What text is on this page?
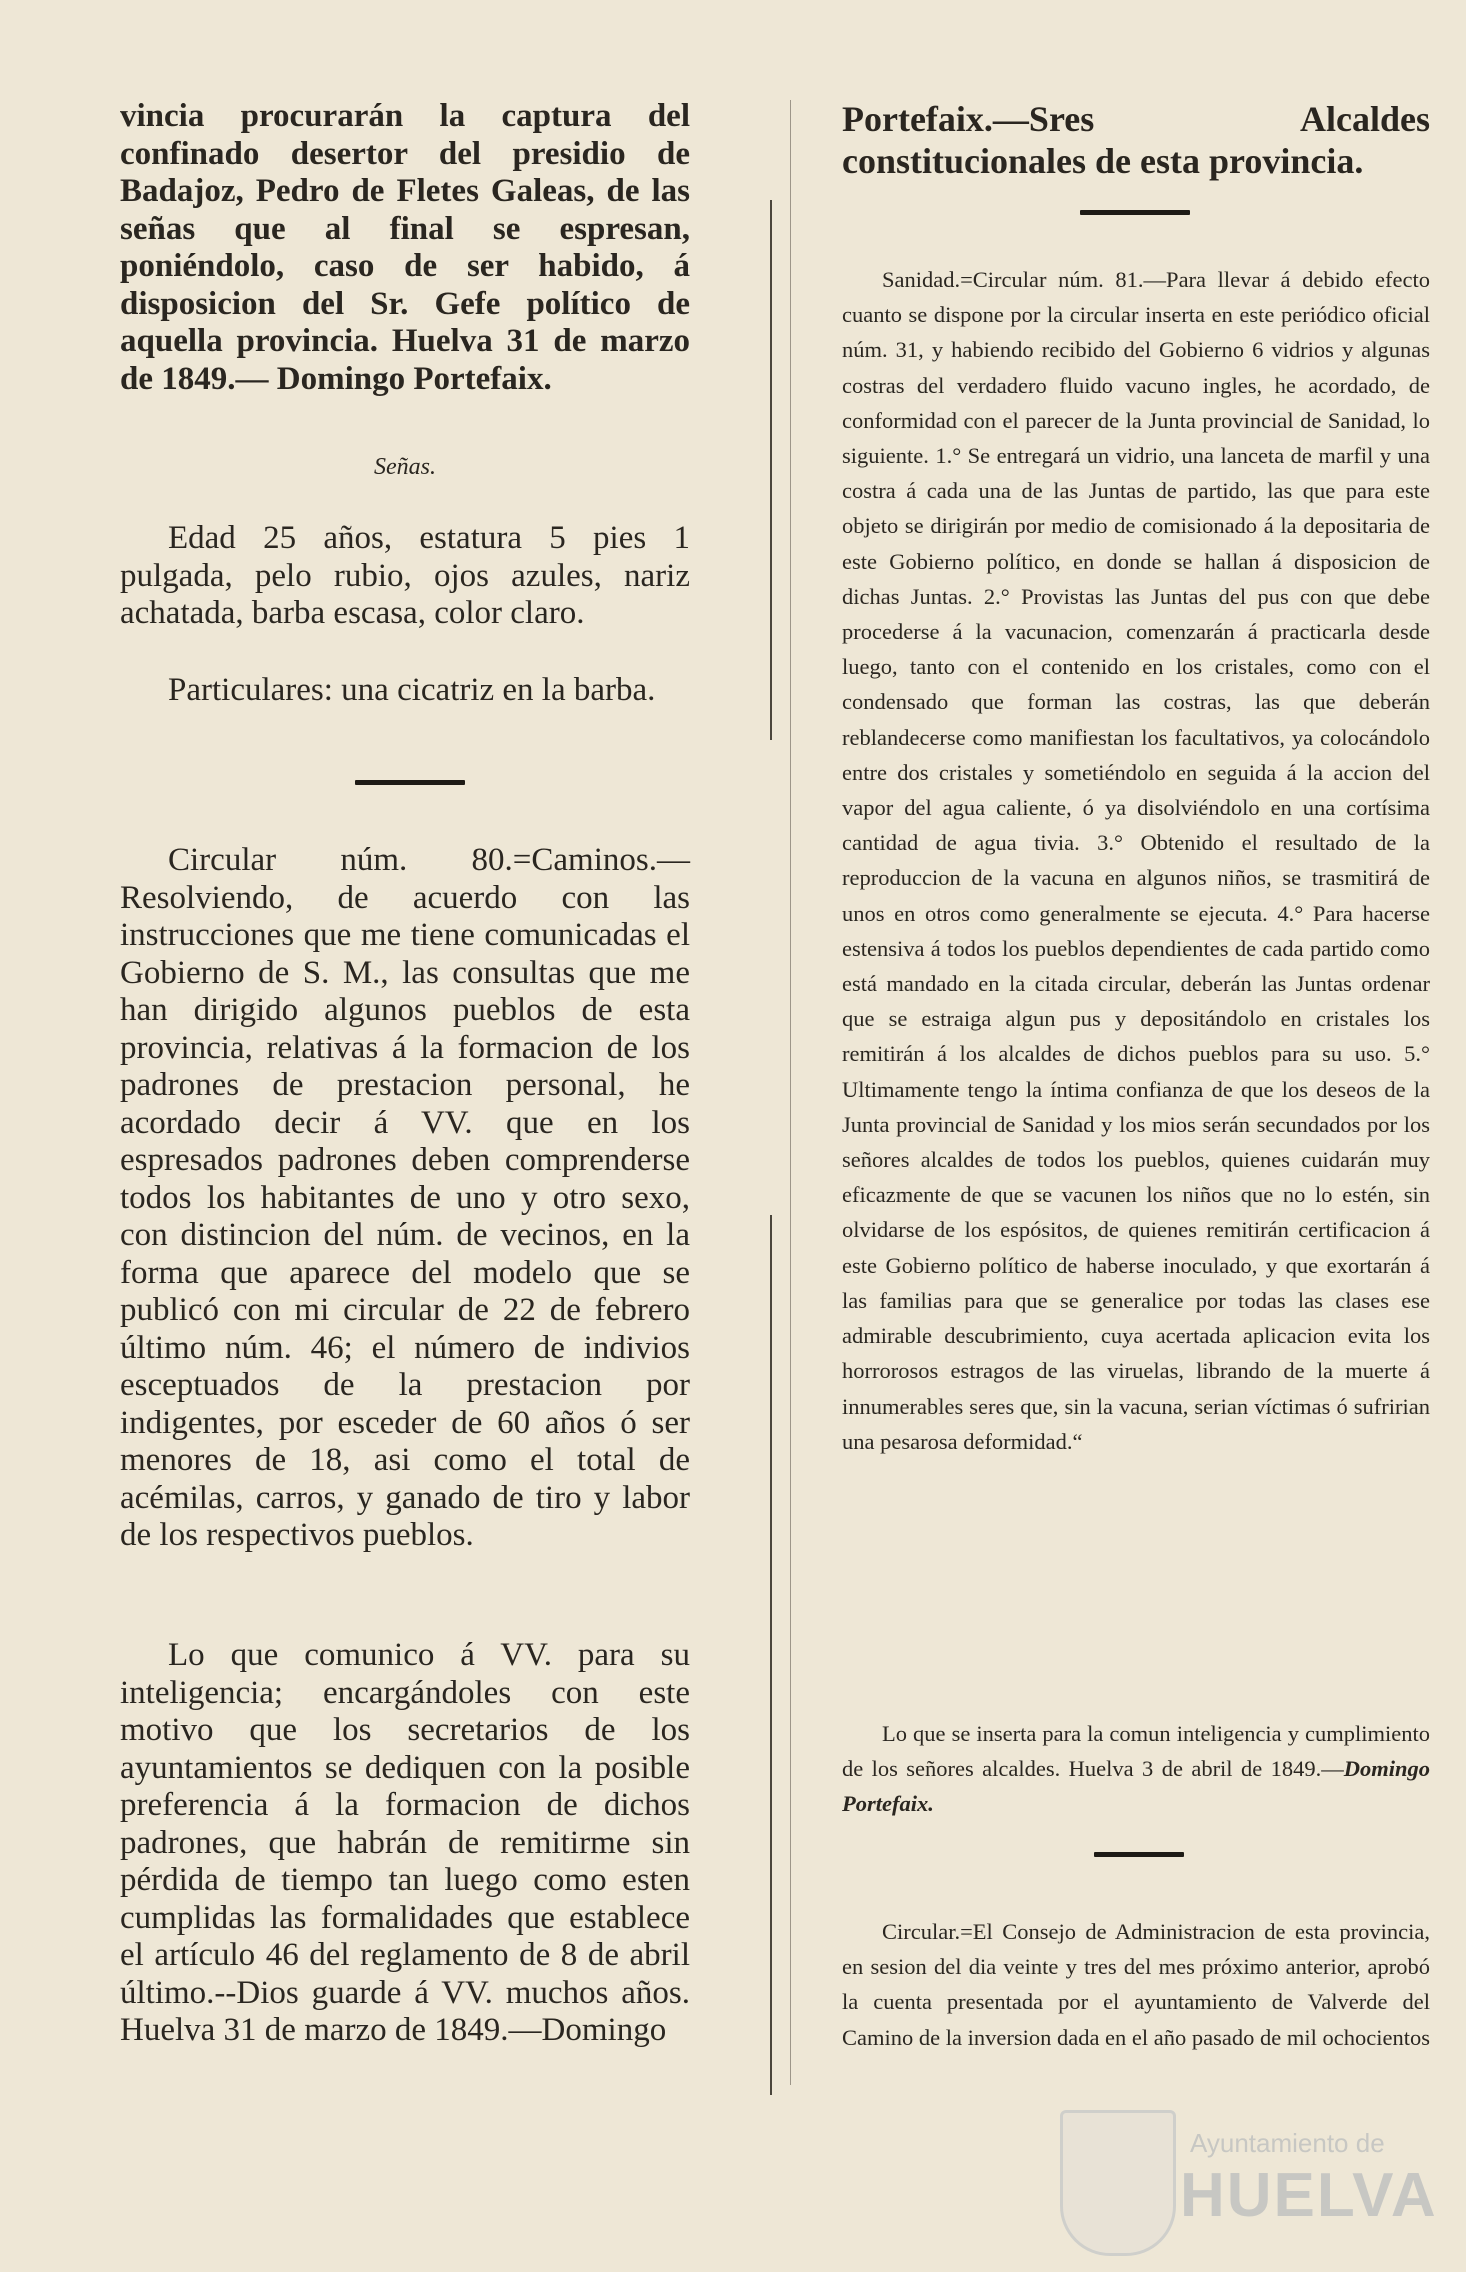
vincia procurarán la captura del confinado desertor del presidio de Badajoz, Pedro de Fletes Galeas, de las señas que al final se espresan, poniéndolo, caso de ser habido, á disposicion del Sr. Gefe político de aquella provincia. Huelva 31 de marzo de 1849.— Domingo Portefaix.

Señas.

Edad 25 años, estatura 5 pies 1 pulgada, pelo rubio, ojos azules, nariz achatada, barba escasa, color claro.

Particulares: una cicatriz en la barba.

Circular núm. 80.=Caminos.—Resolviendo, de acuerdo con las instrucciones que me tiene comunicadas el Gobierno de S. M., las consultas que me han dirigido algunos pueblos de esta provincia, relativas á la formacion de los padrones de prestacion personal, he acordado decir á VV. que en los espresados padrones deben comprenderse todos los habitantes de uno y otro sexo, con distincion del núm. de vecinos, en la forma que aparece del modelo que se publicó con mi circular de 22 de febrero último núm. 46; el número de indivios esceptuados de la prestacion por indigentes, por esceder de 60 años ó ser menores de 18, asi como el total de acémilas, carros, y ganado de tiro y labor de los respectivos pueblos.

Lo que comunico á VV. para su inteligencia; encargándoles con este motivo que los secretarios de los ayuntamientos se dediquen con la posible preferencia á la formacion de dichos padrones, que habrán de remitirme sin pérdida de tiempo tan luego como esten cumplidas las formalidades que establece el artículo 46 del reglamento de 8 de abril último.--Dios guarde á VV. muchos años. Huelva 31 de marzo de 1849.—Domingo

Portefaix.—Sres Alcaldes constitucionales de esta provincia.

Sanidad.=Circular núm. 81.—Para llevar á debido efecto cuanto se dispone por la circular inserta en este periódico oficial núm. 31, y habiendo recibido del Gobierno 6 vidrios y algunas costras del verdadero fluido vacuno ingles, he acordado, de conformidad con el parecer de la Junta provincial de Sanidad, lo siguiente. 1.° Se entregará un vidrio, una lanceta de marfil y una costra á cada una de las Juntas de partido, las que para este objeto se dirigirán por medio de comisionado á la depositaria de este Gobierno político, en donde se hallan á disposicion de dichas Juntas. 2.° Provistas las Juntas del pus con que debe procederse á la vacunacion, comenzarán á practicarla desde luego, tanto con el contenido en los cristales, como con el condensado que forman las costras, las que deberán reblandecerse como manifiestan los facultativos, ya colocándolo entre dos cristales y sometiéndolo en seguida á la accion del vapor del agua caliente, ó ya disolviéndolo en una cortísima cantidad de agua tivia. 3.° Obtenido el resultado de la reproduccion de la vacuna en algunos niños, se trasmitirá de unos en otros como generalmente se ejecuta. 4.° Para hacerse estensiva á todos los pueblos dependientes de cada partido como está mandado en la citada circular, deberán las Juntas ordenar que se estraiga algun pus y depositándolo en cristales los remitirán á los alcaldes de dichos pueblos para su uso. 5.° Ultimamente tengo la íntima confianza de que los deseos de la Junta provincial de Sanidad y los mios serán secundados por los señores alcaldes de todos los pueblos, quienes cuidarán muy eficazmente de que se vacunen los niños que no lo estén, sin olvidarse de los espósitos, de quienes remitirán certificacion á este Gobierno político de haberse inoculado, y que exortarán á las familias para que se generalice por todas las clases ese admirable descubrimiento, cuya acertada aplicacion evita los horrorosos estragos de las viruelas, librando de la muerte á innumerables seres que, sin la vacuna, serian víctimas ó sufririan una pesarosa deformidad.“

Lo que se inserta para la comun inteligencia y cumplimiento de los señores alcaldes. Huelva 3 de abril de 1849.—Domingo Portefaix.

Circular.=El Consejo de Administracion de esta provincia, en sesion del dia veinte y tres del mes próximo anterior, aprobó la cuenta presentada por el ayuntamiento de Valverde del Camino de la inversion dada en el año pasado de mil ochocientos

Ayuntamiento de
HUELVA
